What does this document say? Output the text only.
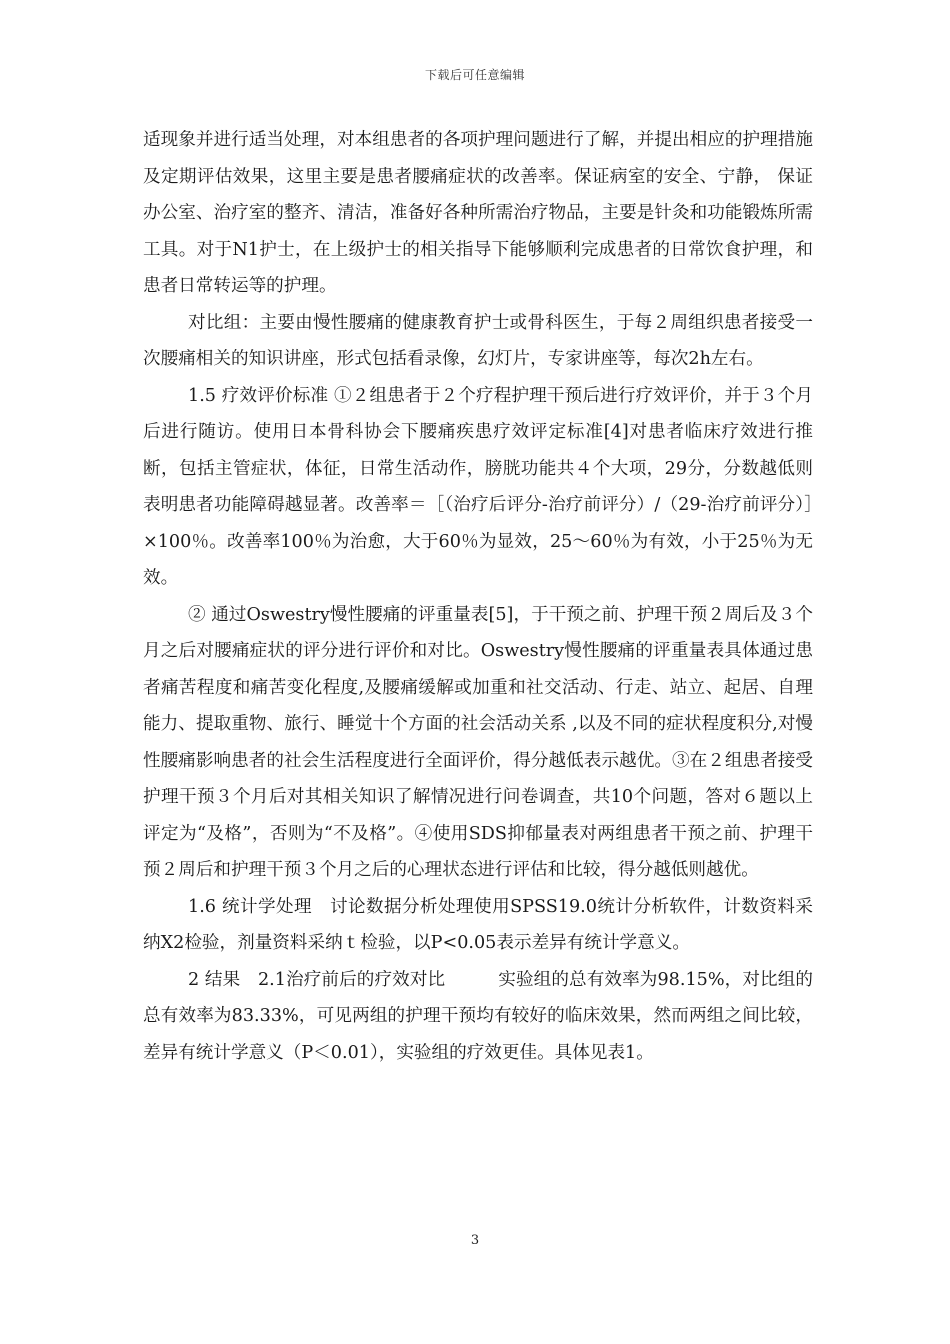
下载后可任意编辑

适现象并进行适当处理，对本组患者的各项护理问题进行了解，并提出相应的护理措施及定期评估效果，这里主要是患者腰痛症状的改善率。保证病室的安全、宁静， 保证办公室、治疗室的整齐、清洁，准备好各种所需治疗物品，主要是针灸和功能锻炼所需工具。对于N1护士，在上级护士的相关指导下能够顺利完成患者的日常饮食护理，和患者日常转运等的护理。

对比组：主要由慢性腰痛的健康教育护士或骨科医生，于每２周组织患者接受一次腰痛相关的知识讲座，形式包括看录像，幻灯片，专家讲座等，每次2h左右。

1.5 疗效评价标准 ①２组患者于２个疗程护理干预后进行疗效评价，并于３个月后进行随访。使用日本骨科协会下腰痛疾患疗效评定标准[4]对患者临床疗效进行推断，包括主管症状，体征，日常生活动作，膀胱功能共４个大项，29分，分数越低则表明患者功能障碍越显著。改善率＝［（治疗后评分-治疗前评分）/（29-治疗前评分）］×100％。改善率100％为治愈，大于60％为显效，25～60％为有效，小于25％为无效。

② 通过Oswestry慢性腰痛的评重量表[5]，于干预之前、护理干预２周后及３个月之后对腰痛症状的评分进行评价和对比。Oswestry慢性腰痛的评重量表具体通过患者痛苦程度和痛苦变化程度,及腰痛缓解或加重和社交活动、行走、站立、起居、自理能力、提取重物、旅行、睡觉十个方面的社会活动关系 ,以及不同的症状程度积分,对慢性腰痛影响患者的社会生活程度进行全面评价，得分越低表示越优。③在２组患者接受护理干预３个月后对其相关知识了解情况进行问卷调查，共10个问题，答对６题以上评定为“及格”，否则为“不及格”。④使用SDS抑郁量表对两组患者干预之前、护理干预２周后和护理干预３个月之后的心理状态进行评估和比较，得分越低则越优。

1.6 统计学处理　讨论数据分析处理使用SPSS19.0统计分析软件，计数资料采纳X2检验，剂量资料采纳ｔ检验，以P<0.05表示差异有统计学意义。

2 结果　2.1治疗前后的疗效对比　　　实验组的总有效率为98.15%，对比组的总有效率为83.33%，可见两组的护理干预均有较好的临床效果，然而两组之间比较，差异有统计学意义（P＜0.01），实验组的疗效更佳。具体见表1。

3
